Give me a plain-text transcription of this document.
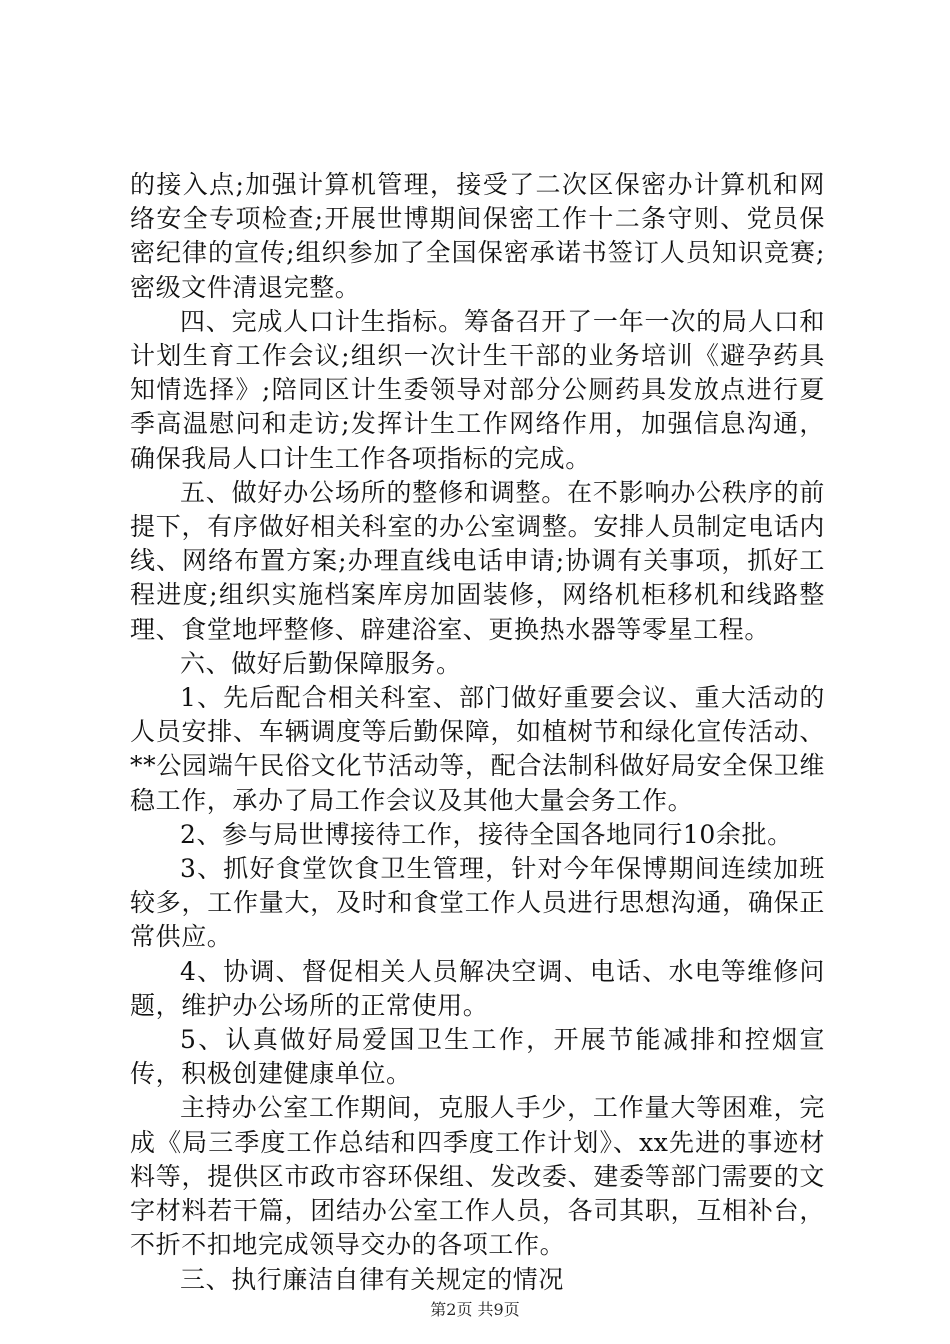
的接入点;加强计算机管理，接受了二次区保密办计算机和网络安全专项检查;开展世博期间保密工作十二条守则、党员保密纪律的宣传;组织参加了全国保密承诺书签订人员知识竞赛;密级文件清退完整。

四、完成人口计生指标。筹备召开了一年一次的局人口和计划生育工作会议;组织一次计生干部的业务培训《避孕药具知情选择》;陪同区计生委领导对部分公厕药具发放点进行夏季高温慰问和走访;发挥计生工作网络作用，加强信息沟通，确保我局人口计生工作各项指标的完成。

五、做好办公场所的整修和调整。在不影响办公秩序的前提下，有序做好相关科室的办公室调整。安排人员制定电话内线、网络布置方案;办理直线电话申请;协调有关事项，抓好工程进度;组织实施档案库房加固装修，网络机柜移机和线路整理、食堂地坪整修、辟建浴室、更换热水器等零星工程。

六、做好后勤保障服务。

1、先后配合相关科室、部门做好重要会议、重大活动的人员安排、车辆调度等后勤保障，如植树节和绿化宣传活动、**公园端午民俗文化节活动等，配合法制科做好局安全保卫维稳工作，承办了局工作会议及其他大量会务工作。

2、参与局世博接待工作，接待全国各地同行10余批。

3、抓好食堂饮食卫生管理，针对今年保博期间连续加班较多，工作量大，及时和食堂工作人员进行思想沟通，确保正常供应。

4、协调、督促相关人员解决空调、电话、水电等维修问题，维护办公场所的正常使用。

5、认真做好局爱国卫生工作，开展节能减排和控烟宣传，积极创建健康单位。

主持办公室工作期间，克服人手少，工作量大等困难，完成《局三季度工作总结和四季度工作计划》、xx先进的事迹材料等，提供区市政市容环保组、发改委、建委等部门需要的文字材料若干篇，团结办公室工作人员，各司其职，互相补台，不折不扣地完成领导交办的各项工作。

三、执行廉洁自律有关规定的情况

第2页 共9页
